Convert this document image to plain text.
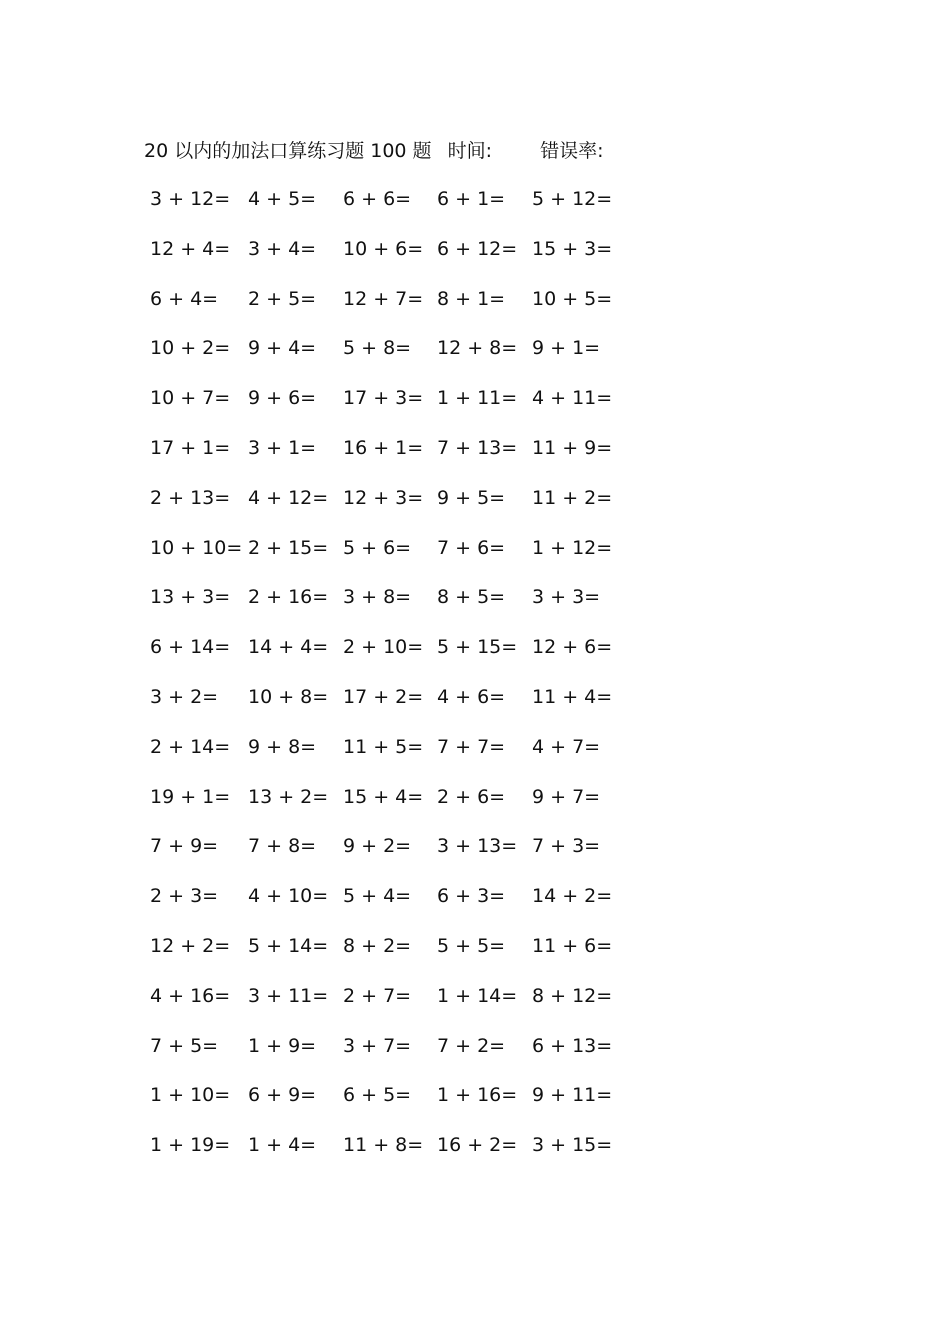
20 以内的加法口算练习题 100 题 时间:	错误率:
3 + 12= 4 + 5= 6 + 6= 6 + 1= 5 + 12=
12 + 4= 3 + 4= 10 + 6= 6 + 12= 15 + 3=
6 + 4= 2 + 5= 12 + 7= 8 + 1= 10 + 5=
10 + 2= 9 + 4= 5 + 8= 12 + 8= 9 + 1=
10 + 7= 9 + 6= 17 + 3= 1 + 11= 4 + 11=
17 + 1= 3 + 1= 16 + 1= 7 + 13= 11 + 9=
2 + 13= 4 + 12= 12 + 3= 9 + 5= 11 + 2=
10 + 10= 2 + 15= 5 + 6= 7 + 6= 1 + 12=
13 + 3= 2 + 16= 3 + 8= 8 + 5= 3 + 3=
6 + 14= 14 + 4= 2 + 10= 5 + 15= 12 + 6=
3 + 2= 10 + 8= 17 + 2= 4 + 6= 11 + 4=
2 + 14= 9 + 8= 11 + 5= 7 + 7= 4 + 7=
19 + 1= 13 + 2= 15 + 4= 2 + 6= 9 + 7=
7 + 9= 7 + 8= 9 + 2= 3 + 13= 7 + 3=
2 + 3= 4 + 10= 5 + 4= 6 + 3= 14 + 2=
12 + 2= 5 + 14= 8 + 2= 5 + 5= 11 + 6=
4 + 16= 3 + 11= 2 + 7= 1 + 14= 8 + 12=
7 + 5= 1 + 9= 3 + 7= 7 + 2= 6 + 13=
1 + 10= 6 + 9= 6 + 5= 1 + 16= 9 + 11=
1 + 19= 1 + 4= 11 + 8= 16 + 2= 3 + 15=
